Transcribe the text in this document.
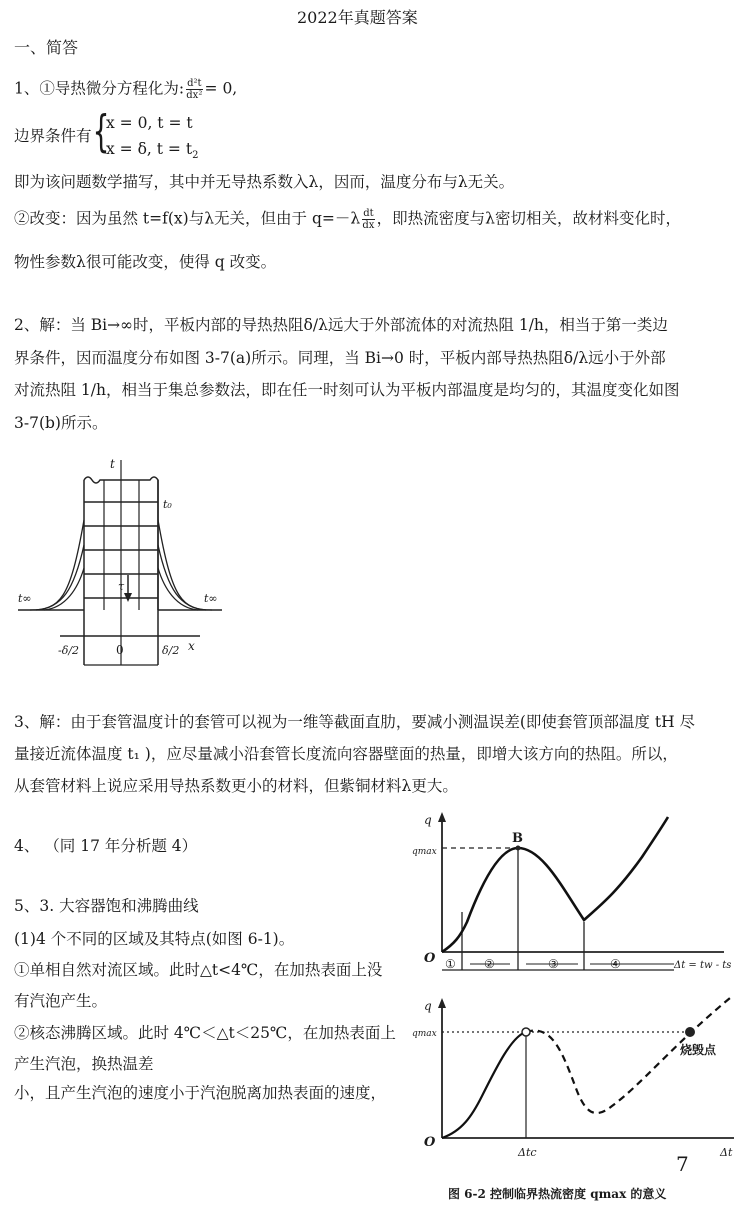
2022年真题答案
一、简答
1、①导热微分方程化为: $\frac{\text{d²t}}{\text{dx²}} = 0$,
边界条件有 {
x = 0, t = t
x = δ, $t = t_2$
即为该问题数学描写，其中并无导热系数入λ，因而，温度分布与λ无关。
②改变：因为虽然 t=f(x)与λ无关，但由于 $q=-\lambda \frac{dt}{dx}$ ，即热流密度与λ密切相关，故材料变化时，
物性参数λ很可能改变，使得 q 改变。
2、解：当 Bi→∞时，平板内部的导热热阻δ/λ远大于外部流体的对流热阻 1/h，相当于第一类边
界条件，因而温度分布如图 3-7(a)所示。同理，当 Bi→0 时，平板内部导热热阻δ/λ远小于外部
对流热阻 1/h，相当于集总参数法，即在任一时刻可认为平板内部温度是均匀的，其温度变化如图
3-7(b)所示。
t
t₀
t∞	t∞
τ
-δ/2	0	δ/2 x
3、解：由于套管温度计的套管可以视为一维等截面直肋，要减小测温误差(即使套管顶部温度 tH 尽
量接近流体温度 t₁ )，应尽量减小沿套管长度流向容器壁面的热量，即增大该方向的热阻。所以，
从套管材料上说应采用导热系数更小的材料，但紫铜材料λ更大。
4、 （同 17 年分析题 4）
5、3. 大容器饱和沸腾曲线
(1)4 个不同的区域及其特点(如图 6-1)。
①单相自然对流区域。此时△t<4℃，在加热表面上没
有汽泡产生。
②核态沸腾区域。此时 4℃＜△t＜25℃，在加热表面上
产生汽泡，换热温差
小，且产生汽泡的速度小于汽泡脱离加热表面的速度，
q
qmax
B
O ① ②	③	④	Δt = tw - ts
q
qmax
烧毁点
O
Δtc	Δt
7
图 6-2 控制临界热流密度 qmax 的意义
